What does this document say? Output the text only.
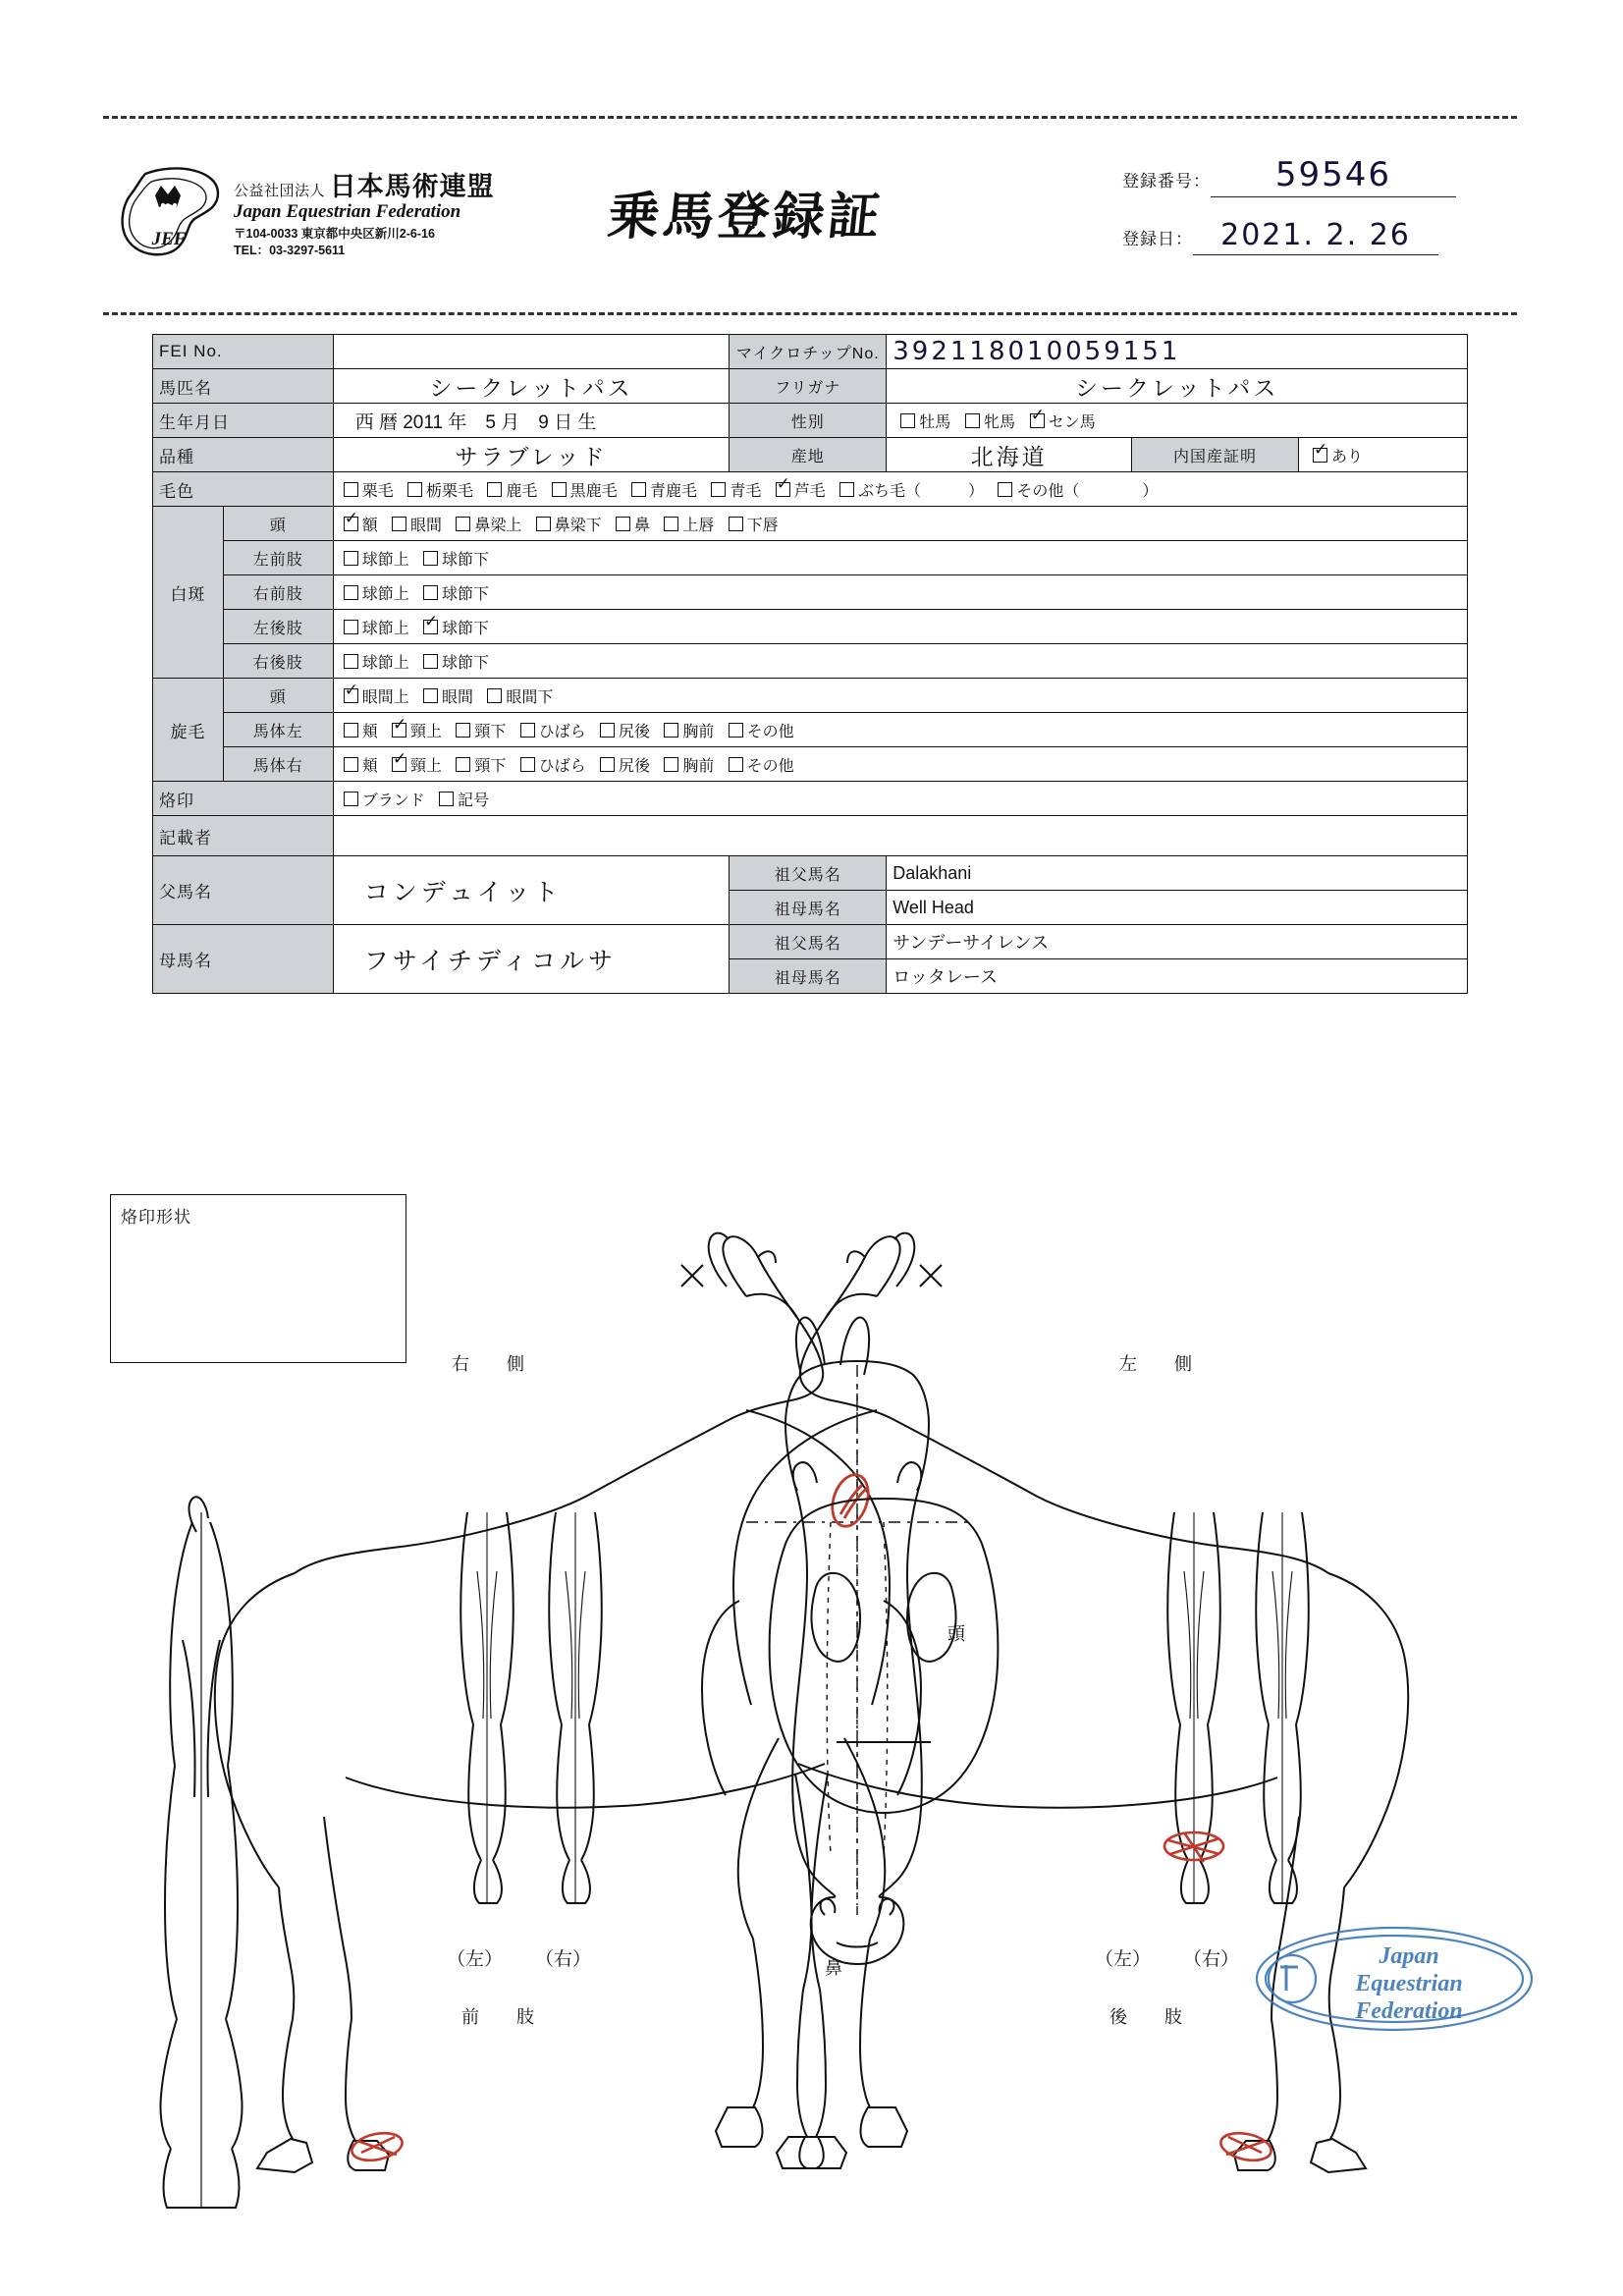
JEF
公益社団法人 日本馬術連盟
Japan Equestrian Federation
〒104-0033 東京都中央区新川2-6-16
TEL：03-3297-5611
乗馬登録証
登録番号：	59546
登録日： 2021. 2. 26
FEI No.			マイクロチップNo.	392118010059151		
馬匹名		シークレットパス	フリガナ	シークレットパス		
生年月日		西 暦 2011 年　5 月　9 日 生	性別	牡馬 牝馬 ✓ セン馬
品種		サラブレッド	産地	北海道	内国産証明	✓あり
毛色		栗毛 栃栗毛 鹿毛 黒鹿毛 青鹿毛 青毛 ✓ 芦毛 ぶち毛（　　　） その他（　　　　）
白斑	頭	✓額 眼間 鼻梁上 鼻梁下 鼻 上唇 下唇
	左前肢	球節上 球節下				
	右前肢	球節上 球節下				
	左後肢	球節上 ✓ 球節下
	右後肢	球節上 球節下				
旋毛	頭	✓眼間上 眼間 眼間下
	馬体左	頬 ✓ 頸上 頸下 ひばら 尻後 胸前 その他
	馬体右	頬 ✓ 頸上 頸下 ひばら 尻後 胸前 その他
烙印		ブランド 記号				
記載者						
父馬名		コンデュイット	祖父馬名	Dalakhani		
			祖母馬名	Well Head		
母馬名		フサイチディコルサ	祖父馬名	サンデーサイレンス		
			祖母馬名	ロッタレース		
烙印形状
右　側	左　側
頭
（左） （右）
前　肢
鼻	（左） （右）
後　肢
Japan
Equestrian
Federation
